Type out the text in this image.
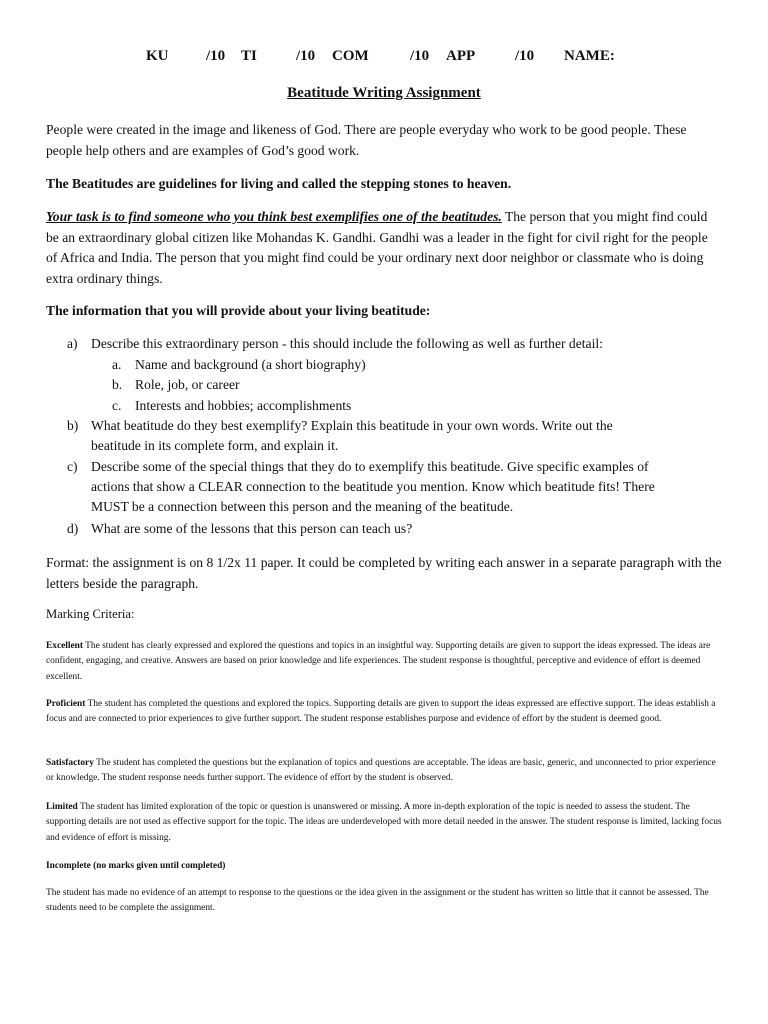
KU	/10 TI	/10 COM	/10 APP	/10 NAME:
Beatitude Writing Assignment

People were created in the image and likeness of God. There are people everyday who work to be good people. These people help others and are examples of God’s good work.

The Beatitudes are guidelines for living and called the stepping stones to heaven.

Your task is to find someone who you think best exemplifies one of the beatitudes. The person that you might find could be an extraordinary global citizen like Mohandas K. Gandhi. Gandhi was a leader in the fight for civil right for the people of Africa and India. The person that you might find could be your ordinary next door neighbor or classmate who is doing extra ordinary things.

The information that you will provide about your living beatitude:

a) Describe this extraordinary person - this should include the following as well as further detail:
a. Name and background (a short biography)
b. Role, job, or career
c. Interests and hobbies; accomplishments
b) What beatitude do they best exemplify? Explain this beatitude in your own words. Write out the
beatitude in its complete form, and explain it.
c) Describe some of the special things that they do to exemplify this beatitude. Give specific examples of
actions that show a CLEAR connection to the beatitude you mention. Know which beatitude fits! There
MUST be a connection between this person and the meaning of the beatitude.
d) What are some of the lessons that this person can teach us?

Format: the assignment is on 8 1/2x 11 paper. It could be completed by writing each answer in a separate paragraph with the letters beside the paragraph.

Marking Criteria:

Excellent The student has clearly expressed and explored the questions and topics in an insightful way. Supporting details are given to support the ideas expressed. The ideas are confident, engaging, and creative. Answers are based on prior knowledge and life experiences. The student response is thoughtful, perceptive and evidence of effort is deemed excellent.

Proficient The student has completed the questions and explored the topics. Supporting details are given to support the ideas expressed are effective support. The ideas establish a focus and are connected to prior experiences to give further support. The student response establishes purpose and evidence of effort by the student is deemed good.

Satisfactory The student has completed the questions but the explanation of topics and questions are acceptable. The ideas are basic, generic, and unconnected to prior experience or knowledge. The student response needs further support. The evidence of effort by the student is observed.

Limited The student has limited exploration of the topic or question is unanswered or missing. A more in-depth exploration of the topic is needed to assess the student. The supporting details are not used as effective support for the topic. The ideas are underdeveloped with more detail needed in the answer. The student response is limited, lacking focus and evidence of effort is missing.

Incomplete (no marks given until completed)

The student has made no evidence of an attempt to response to the questions or the idea given in the assignment or the student has written so little that it cannot be assessed. The students need to be complete the assignment.
